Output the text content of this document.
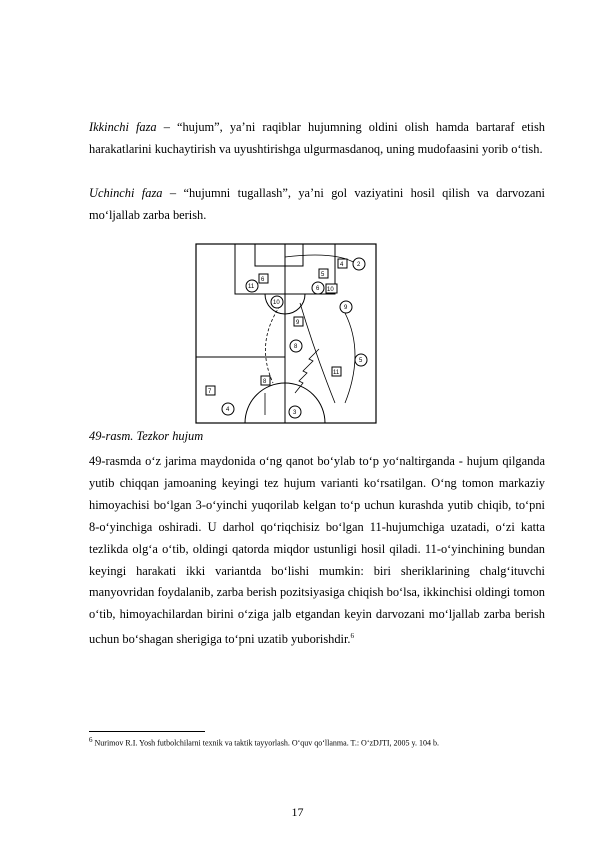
Ikkinchi faza – “hujum”, ya’ni raqiblar hujumning oldini olish hamda bartaraf etish harakatlarini kuchaytirish va uyushtirishga ulgurmasdanoq, uning mudofaasini yorib o‘tish.

Uchinchi faza – “hujumni tugallash”, ya’ni gol vaziyatini hosil qilish va darvozani mo‘ljallab zarba berish.

6
5
4
10
9
11
8
7
2
11
10
6
9
8
5
3
4
49-rasm. Tezkor hujum

49-rasmda o‘z jarima maydonida o‘ng qanot bo‘ylab to‘p yo‘naltirganda - hujum qilganda yutib chiqqan jamoaning keyingi tez hujum varianti ko‘rsatilgan. O‘ng tomon markaziy himoyachisi bo‘lgan 3-o‘yinchi yuqorilab kelgan to‘p uchun kurashda yutib chiqib, to‘pni 8-o‘yinchiga oshiradi. U darhol qo‘riqchisiz bo‘lgan 11-hujumchiga uzatadi, o‘zi katta tezlikda olg‘a o‘tib, oldingi qatorda miqdor ustunligi hosil qiladi. 11-o‘yinchining bundan keyingi harakati ikki variantda bo‘lishi mumkin: biri sheriklarining chalg‘ituvchi manyovridan foydalanib, zarba berish pozitsiyasiga chiqish bo‘lsa, ikkinchisi oldingi tomon o‘tib, himoyachilardan birini o‘ziga jalb etgandan keyin darvozani mo‘ljallab zarba berish uchun bo‘shagan sherigiga to‘pni uzatib yuborishdir.$^6$

$^6$ Nurimov R.I. Yosh futbolchilarni texnik va taktik tayyorlash. O‘quv qo‘llanma. T.: O‘zDJTI, 2005 y. 104 b.
17
